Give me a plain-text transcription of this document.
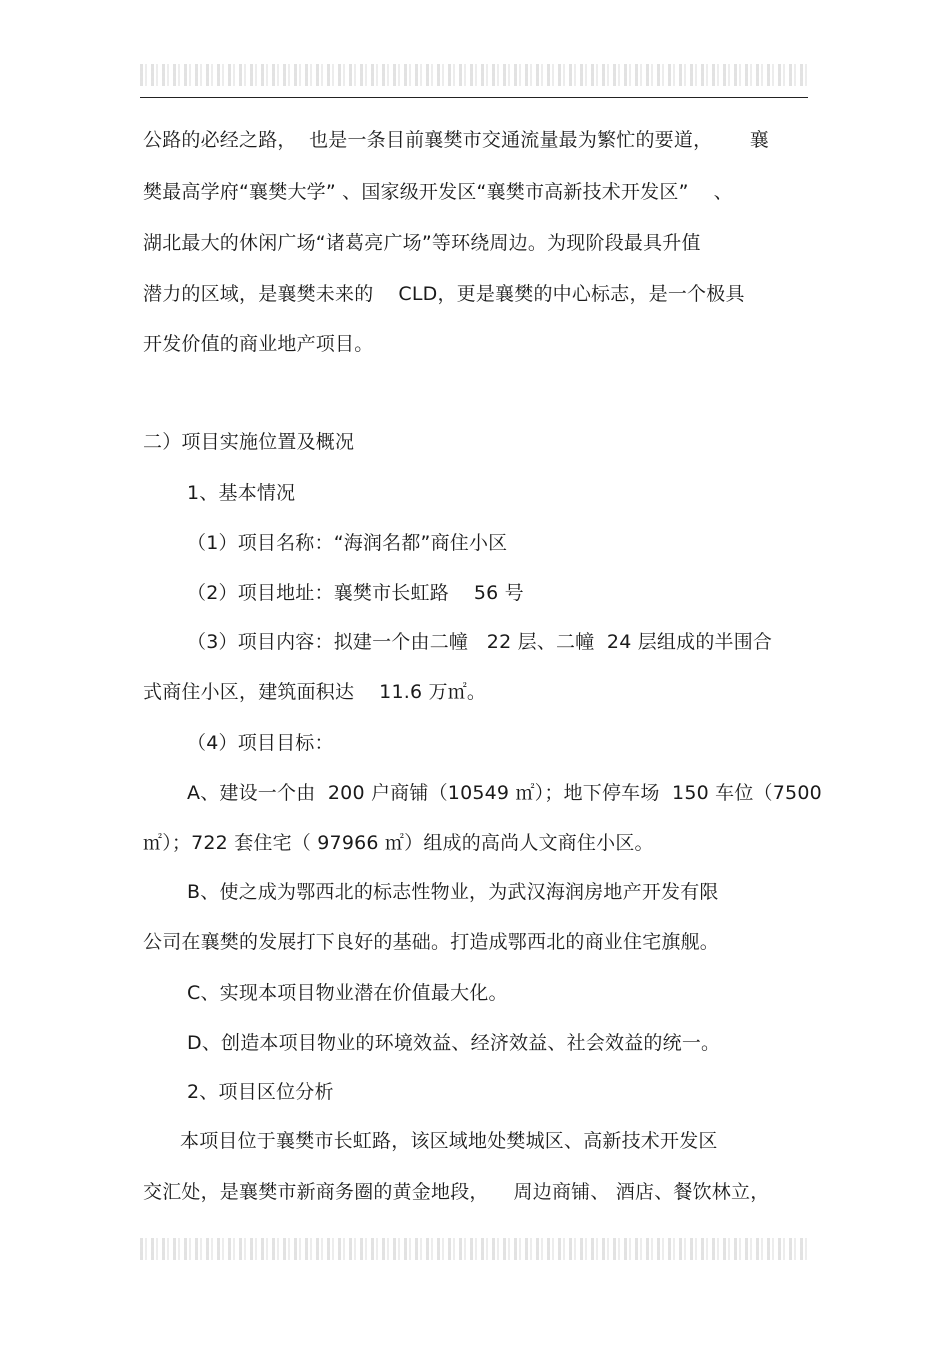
公路的必经之路，  也是一条目前襄樊市交通流量最为繁忙的要道，      襄
樊最高学府“襄樊大学” 、国家级开发区“襄樊市高新技术开发区”    、
湖北最大的休闲广场“诸葛亮广场”等环绕周边。为现阶段最具升值
潜力的区域，是襄樊未来的    CLD，更是襄樊的中心标志，是一个极具
开发价值的商业地产项目。
二）项目实施位置及概况
1、基本情况
（1）项目名称：“海润名都”商住小区
（2）项目地址：襄樊市长虹路    56 号
（3）项目内容：拟建一个由二幢   22 层、二幢  24 层组成的半围合
式商住小区，建筑面积达    11.6 万㎡。
（4）项目目标：
A、建设一个由  200 户商铺（10549 ㎡）；地下停车场  150 车位（7500
㎡）；722 套住宅（ 97966 ㎡）组成的高尚人文商住小区。
B、使之成为鄂西北的标志性物业，为武汉海润房地产开发有限
公司在襄樊的发展打下良好的基础。打造成鄂西北的商业住宅旗舰。
C、实现本项目物业潜在价值最大化。
D、创造本项目物业的环境效益、经济效益、社会效益的统一。
2、项目区位分析
本项目位于襄樊市长虹路，该区域地处樊城区、高新技术开发区
交汇处，是襄樊市新商务圈的黄金地段，    周边商铺、 酒店、餐饮林立，
